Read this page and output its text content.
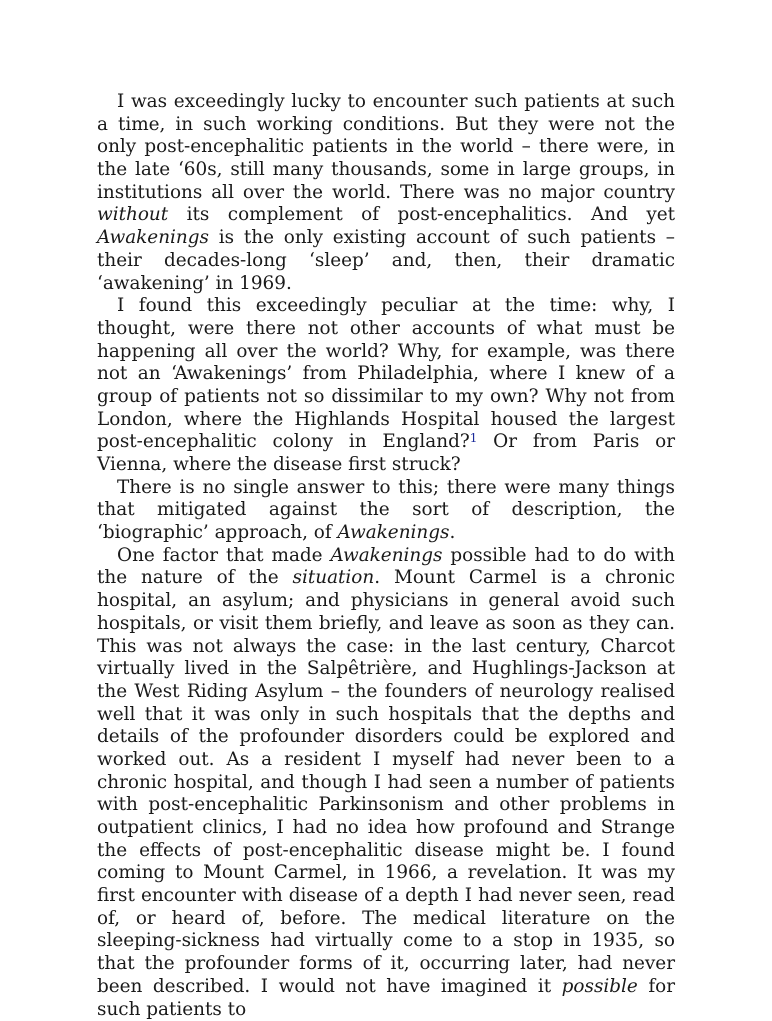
I was exceedingly lucky to encounter such patients at such a time, in such working conditions. But they were not the only post-encephalitic patients in the world – there were, in the late ‘60s, still many thousands, some in large groups, in institutions all over the world. There was no major country without its complement of post-encephalitics. And yet Awakenings is the only existing account of such patients – their decades-long ‘sleep’ and, then, their dramatic ‘awakening’ in 1969.

I found this exceedingly peculiar at the time: why, I thought, were there not other accounts of what must be happening all over the world? Why, for example, was there not an ‘Awakenings’ from Philadelphia, where I knew of a group of patients not so dissimilar to my own? Why not from London, where the Highlands Hospital housed the largest post-encephalitic colony in England?$^1$ Or from Paris or Vienna, where the disease first struck?

There is no single answer to this; there were many things that mitigated against the sort of description, the ‘biographic’ approach, of Awakenings.

One factor that made Awakenings possible had to do with the nature of the situation. Mount Carmel is a chronic hospital, an asylum; and physicians in general avoid such hospitals, or visit them briefly, and leave as soon as they can. This was not always the case: in the last century, Charcot virtually lived in the Salpêtrière, and Hughlings-Jackson at the West Riding Asylum – the founders of neurology realised well that it was only in such hospitals that the depths and details of the profounder disorders could be explored and worked out. As a resident I myself had never been to a chronic hospital, and though I had seen a number of patients with post-encephalitic Parkinsonism and other problems in outpatient clinics, I had no idea how profound and Strange the effects of post-encephalitic disease might be. I found coming to Mount Carmel, in 1966, a revelation. It was my first encounter with disease of a depth I had never seen, read of, or heard of, before. The medical literature on the sleeping-sickness had virtually come to a stop in 1935, so that the profounder forms of it, occurring later, had never been described. I would not have imagined it possible for such patients to
